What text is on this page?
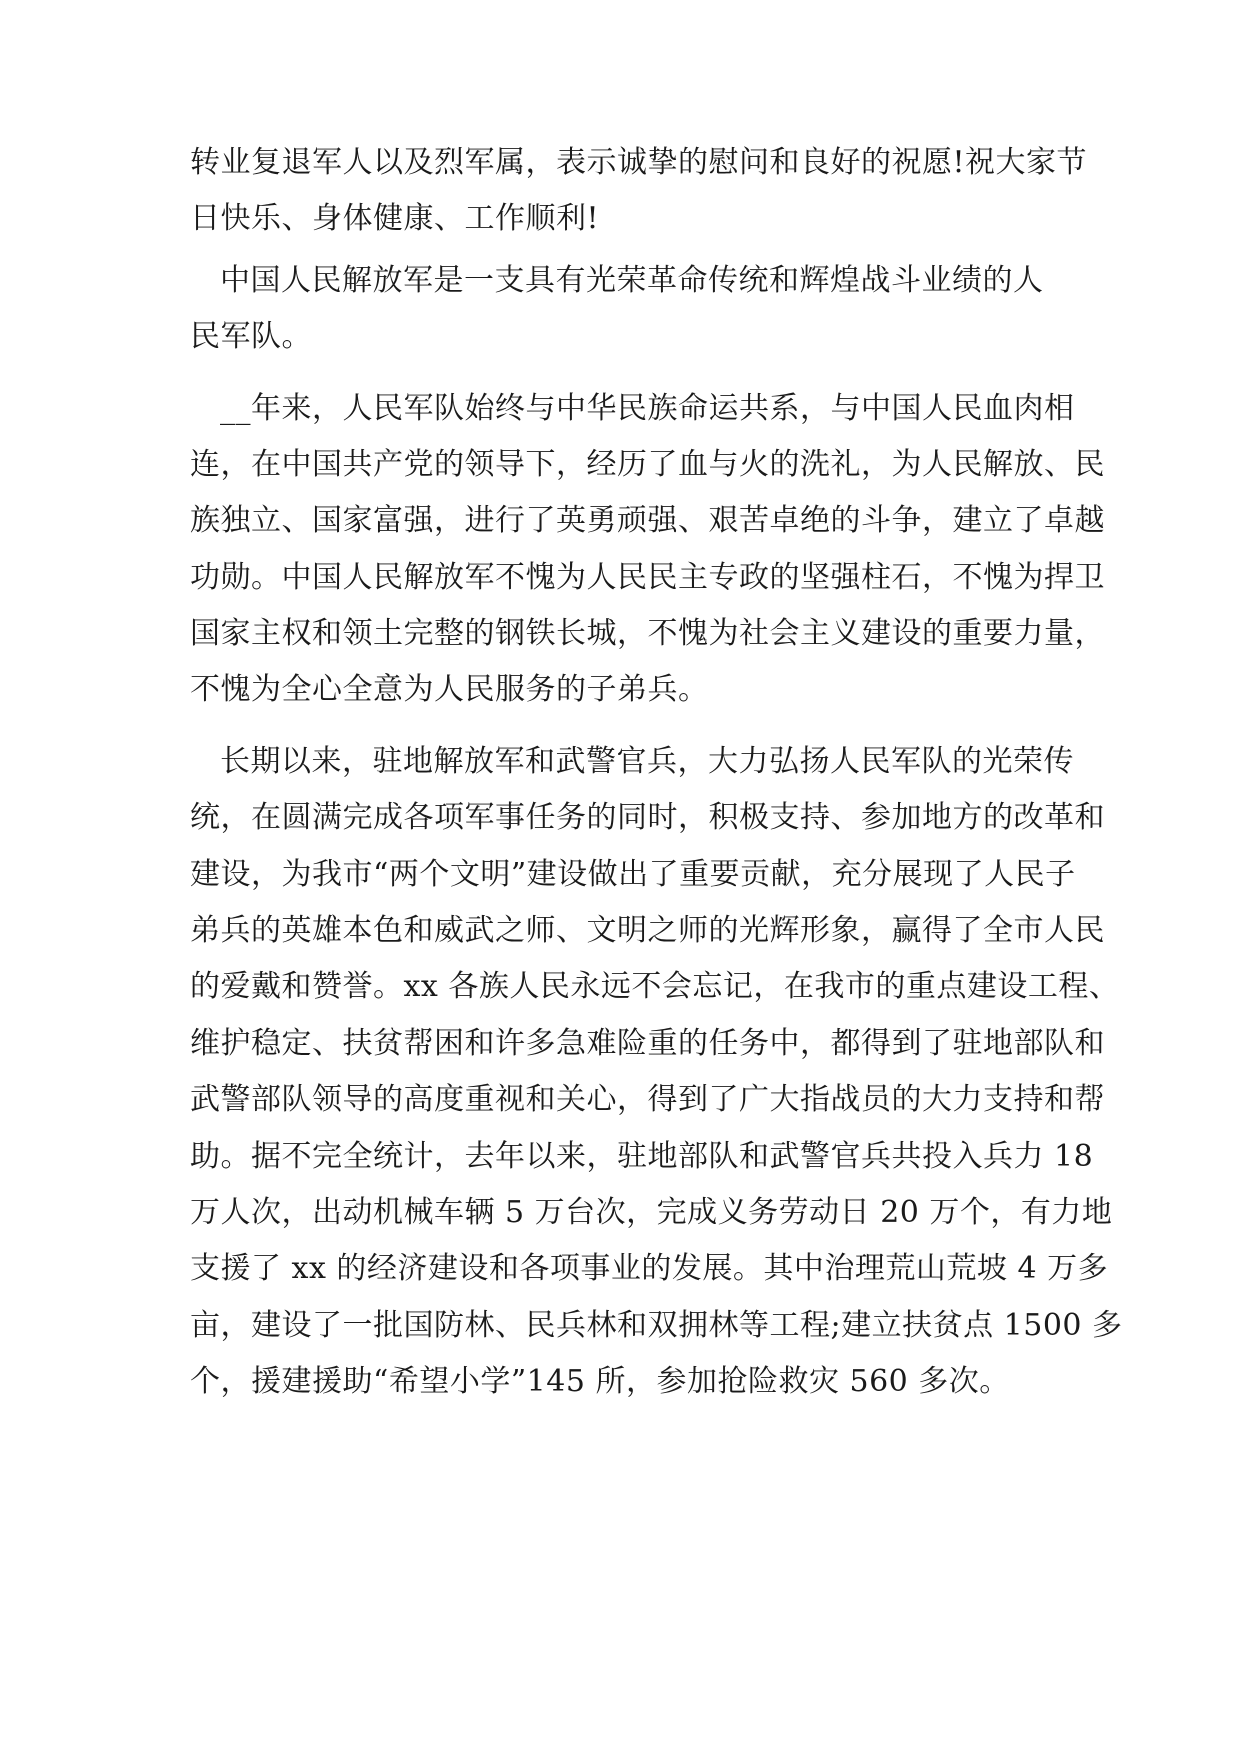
转业复退军人以及烈军属，表示诚挚的慰问和良好的祝愿!祝大家节
日快乐、身体健康、工作顺利!
中国人民解放军是一支具有光荣革命传统和辉煌战斗业绩的人
民军队。
__年来，人民军队始终与中华民族命运共系，与中国人民血肉相
连，在中国共产党的领导下，经历了血与火的洗礼，为人民解放、民
族独立、国家富强，进行了英勇顽强、艰苦卓绝的斗争，建立了卓越
功勋。中国人民解放军不愧为人民民主专政的坚强柱石，不愧为捍卫
国家主权和领土完整的钢铁长城，不愧为社会主义建设的重要力量，
不愧为全心全意为人民服务的子弟兵。
长期以来，驻地解放军和武警官兵，大力弘扬人民军队的光荣传
统，在圆满完成各项军事任务的同时，积极支持、参加地方的改革和
建设，为我市“两个文明”建设做出了重要贡献，充分展现了人民子
弟兵的英雄本色和威武之师、文明之师的光辉形象，赢得了全市人民
的爱戴和赞誉。xx 各族人民永远不会忘记，在我市的重点建设工程、
维护稳定、扶贫帮困和许多急难险重的任务中，都得到了驻地部队和
武警部队领导的高度重视和关心，得到了广大指战员的大力支持和帮
助。据不完全统计，去年以来，驻地部队和武警官兵共投入兵力 18
万人次，出动机械车辆 5 万台次，完成义务劳动日 20 万个，有力地
支援了 xx 的经济建设和各项事业的发展。其中治理荒山荒坡 4 万多
亩，建设了一批国防林、民兵林和双拥林等工程;建立扶贫点 1500 多
个，援建援助“希望小学”145 所，参加抢险救灾 560 多次。
